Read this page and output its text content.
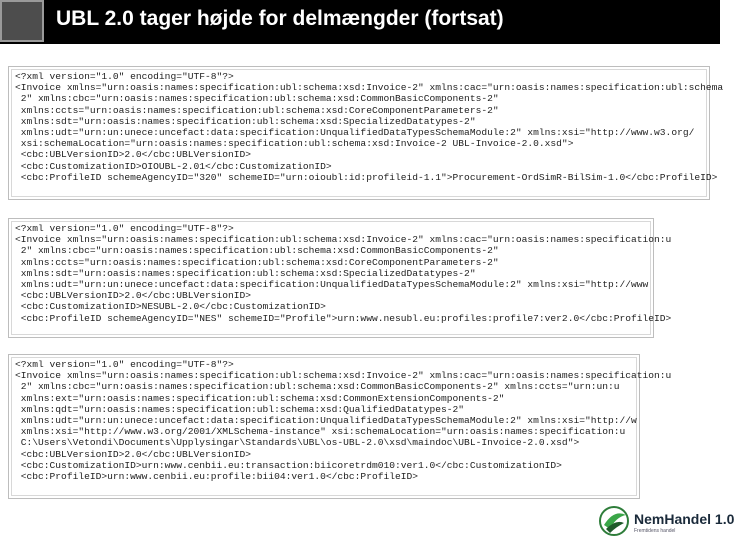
UBL 2.0 tager højde for delmængder (fortsat)
<?xml version="1.0" encoding="UTF-8"?>
<Invoice xmlns="urn:oasis:names:specification:ubl:schema:xsd:Invoice-2" xmlns:cac="urn:oasis:names:specification:ubl:schema
2" xmlns:cbc="urn:oasis:names:specification:ubl:schema:xsd:CommonBasicComponents-2"
xmlns:ccts="urn:oasis:names:specification:ubl:schema:xsd:CoreComponentParameters-2"
xmlns:sdt="urn:oasis:names:specification:ubl:schema:xsd:SpecializedDatatypes-2"
xmlns:udt="urn:un:unece:uncefact:data:specification:UnqualifiedDataTypesSchemaModule:2" xmlns:xsi="http://www.w3.org/
xsi:schemaLocation="urn:oasis:names:specification:ubl:schema:xsd:Invoice-2 UBL-Invoice-2.0.xsd">
<cbc:UBLVersionID>2.0</cbc:UBLVersionID>
<cbc:CustomizationID>OIOUBL-2.01</cbc:CustomizationID>
<cbc:ProfileID schemeAgencyID="320" schemeID="urn:oioubl:id:profileid-1.1">Procurement-OrdSimR-BilSim-1.0</cbc:ProfileID>
<?xml version="1.0" encoding="UTF-8"?>
<Invoice xmlns="urn:oasis:names:specification:ubl:schema:xsd:Invoice-2" xmlns:cac="urn:oasis:names:specification:u
2" xmlns:cbc="urn:oasis:names:specification:ubl:schema:xsd:CommonBasicComponents-2"
xmlns:ccts="urn:oasis:names:specification:ubl:schema:xsd:CoreComponentParameters-2"
xmlns:sdt="urn:oasis:names:specification:ubl:schema:xsd:SpecializedDatatypes-2"
xmlns:udt="urn:un:unece:uncefact:data:specification:UnqualifiedDataTypesSchemaModule:2" xmlns:xsi="http://www
<cbc:UBLVersionID>2.0</cbc:UBLVersionID>
<cbc:CustomizationID>NESUBL-2.0</cbc:CustomizationID>
<cbc:ProfileID schemeAgencyID="NES" schemeID="Profile">urn:www.nesubl.eu:profiles:profile7:ver2.0</cbc:ProfileID>
<?xml version="1.0" encoding="UTF-8"?>
<Invoice xmlns="urn:oasis:names:specification:ubl:schema:xsd:Invoice-2" xmlns:cac="urn:oasis:names:specification:u
2" xmlns:cbc="urn:oasis:names:specification:ubl:schema:xsd:CommonBasicComponents-2" xmlns:ccts="urn:un:u
xmlns:ext="urn:oasis:names:specification:ubl:schema:xsd:CommonExtensionComponents-2"
xmlns:qdt="urn:oasis:names:specification:ubl:schema:xsd:QualifiedDatatypes-2"
xmlns:udt="urn:un:unece:uncefact:data:specification:UnqualifiedDataTypesSchemaModule:2" xmlns:xsi="http://w
xmlns:xsi="http://www.w3.org/2001/XMLSchema-instance" xsi:schemaLocation="urn:oasis:names:specification:u
C:\Users\Vetondi\Documents\Upplysingar\Standards\UBL\os-UBL-2.0\xsd\maindoc\UBL-Invoice-2.0.xsd">
<cbc:UBLVersionID>2.0</cbc:UBLVersionID>
<cbc:CustomizationID>urn:www.cenbii.eu:transaction:biicoretrdm010:ver1.0</cbc:CustomizationID>
<cbc:ProfileID>urn:www.cenbii.eu:profile:bii04:ver1.0</cbc:ProfileID>
NemHandel 1.0
Fremtidens handel
